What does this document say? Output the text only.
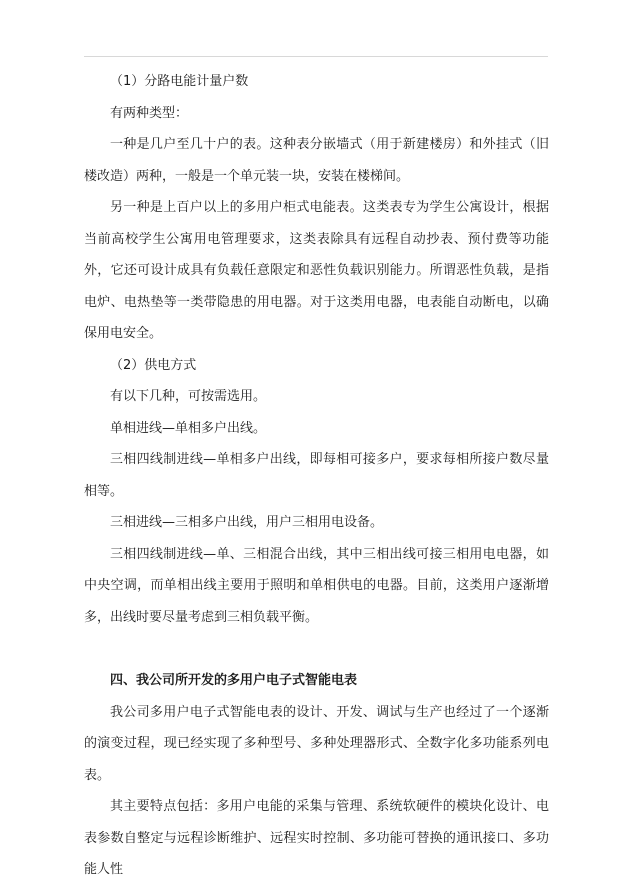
（1）分路电能计量户数

有两种类型：

一种是几户至几十户的表。这种表分嵌墙式（用于新建楼房）和外挂式（旧楼改造）两种，一般是一个单元装一块，安装在楼梯间。

另一种是上百户以上的多用户柜式电能表。这类表专为学生公寓设计，根据当前高校学生公寓用电管理要求，这类表除具有远程自动抄表、预付费等功能外，它还可设计成具有负载任意限定和恶性负载识别能力。所谓恶性负载，是指电炉、电热垫等一类带隐患的用电器。对于这类用电器，电表能自动断电，以确保用电安全。

（2）供电方式

有以下几种，可按需选用。

单相进线—单相多户出线。

三相四线制进线—单相多户出线，即每相可接多户，要求每相所接户数尽量相等。

三相进线—三相多户出线，用户三相用电设备。

三相四线制进线—单、三相混合出线，其中三相出线可接三相用电电器，如中央空调，而单相出线主要用于照明和单相供电的电器。目前，这类用户逐渐增多，出线时要尽量考虑到三相负载平衡。

四、我公司所开发的多用户电子式智能电表

我公司多用户电子式智能电表的设计、开发、调试与生产也经过了一个逐渐的演变过程，现已经实现了多种型号、多种处理器形式、全数字化多功能系列电表。

其主要特点包括：多用户电能的采集与管理、系统软硬件的模块化设计、电表参数自整定与远程诊断维护、远程实时控制、多功能可替换的通讯接口、多功能人性
